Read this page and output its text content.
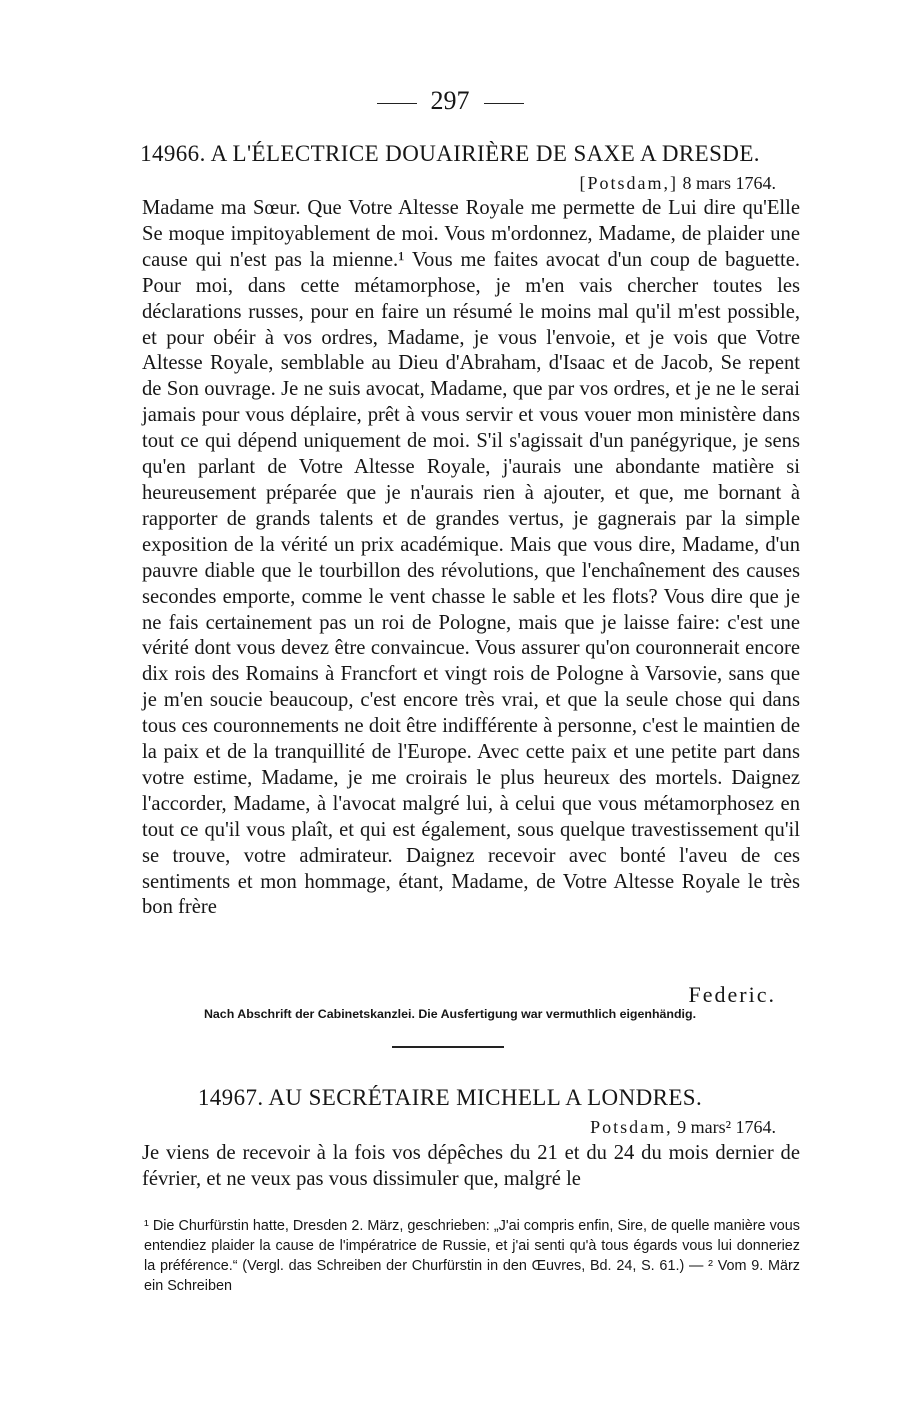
297
14966. A L'ÉLECTRICE DOUAIRIÈRE DE SAXE A DRESDE.
[Potsdam,] 8 mars 1764.
Madame ma Sœur. Que Votre Altesse Royale me permette de Lui dire qu'Elle Se moque impitoyablement de moi. Vous m'ordonnez, Madame, de plaider une cause qui n'est pas la mienne.¹ Vous me faites avocat d'un coup de baguette. Pour moi, dans cette métamorphose, je m'en vais chercher toutes les déclarations russes, pour en faire un résumé le moins mal qu'il m'est possible, et pour obéir à vos ordres, Madame, je vous l'envoie, et je vois que Votre Altesse Royale, semblable au Dieu d'Abraham, d'Isaac et de Jacob, Se repent de Son ouvrage. Je ne suis avocat, Madame, que par vos ordres, et je ne le serai jamais pour vous déplaire, prêt à vous servir et vous vouer mon ministère dans tout ce qui dépend uniquement de moi. S'il s'agissait d'un panégyrique, je sens qu'en parlant de Votre Altesse Royale, j'aurais une abondante matière si heureusement préparée que je n'aurais rien à ajouter, et que, me bornant à rapporter de grands talents et de grandes vertus, je gagnerais par la simple exposition de la vérité un prix académique. Mais que vous dire, Madame, d'un pauvre diable que le tourbillon des révolutions, que l'enchaînement des causes secondes emporte, comme le vent chasse le sable et les flots? Vous dire que je ne fais certainement pas un roi de Pologne, mais que je laisse faire: c'est une vérité dont vous devez être convaincue. Vous assurer qu'on couronnerait encore dix rois des Romains à Francfort et vingt rois de Pologne à Varsovie, sans que je m'en soucie beaucoup, c'est encore très vrai, et que la seule chose qui dans tous ces couronnements ne doit être indifférente à personne, c'est le maintien de la paix et de la tranquillité de l'Europe. Avec cette paix et une petite part dans votre estime, Madame, je me croirais le plus heureux des mortels. Daignez l'accorder, Madame, à l'avocat malgré lui, à celui que vous métamorphosez en tout ce qu'il vous plaît, et qui est également, sous quelque travestissement qu'il se trouve, votre admirateur. Daignez recevoir avec bonté l'aveu de ces sentiments et mon hommage, étant, Madame, de Votre Altesse Royale le très bon frère
Federic.
Nach Abschrift der Cabinetskanzlei. Die Ausfertigung war vermuthlich eigenhändig.
14967. AU SECRÉTAIRE MICHELL A LONDRES.
Potsdam, 9 mars² 1764.
Je viens de recevoir à la fois vos dépêches du 21 et du 24 du mois dernier de février, et ne veux pas vous dissimuler que, malgré le
¹ Die Churfürstin hatte, Dresden 2. März, geschrieben: „J'ai compris enfin, Sire, de quelle manière vous entendiez plaider la cause de l'impératrice de Russie, et j'ai senti qu'à tous égards vous lui donneriez la préférence.“ (Vergl. das Schreiben der Churfürstin in den Œuvres, Bd. 24, S. 61.) — ² Vom 9. März ein Schreiben
